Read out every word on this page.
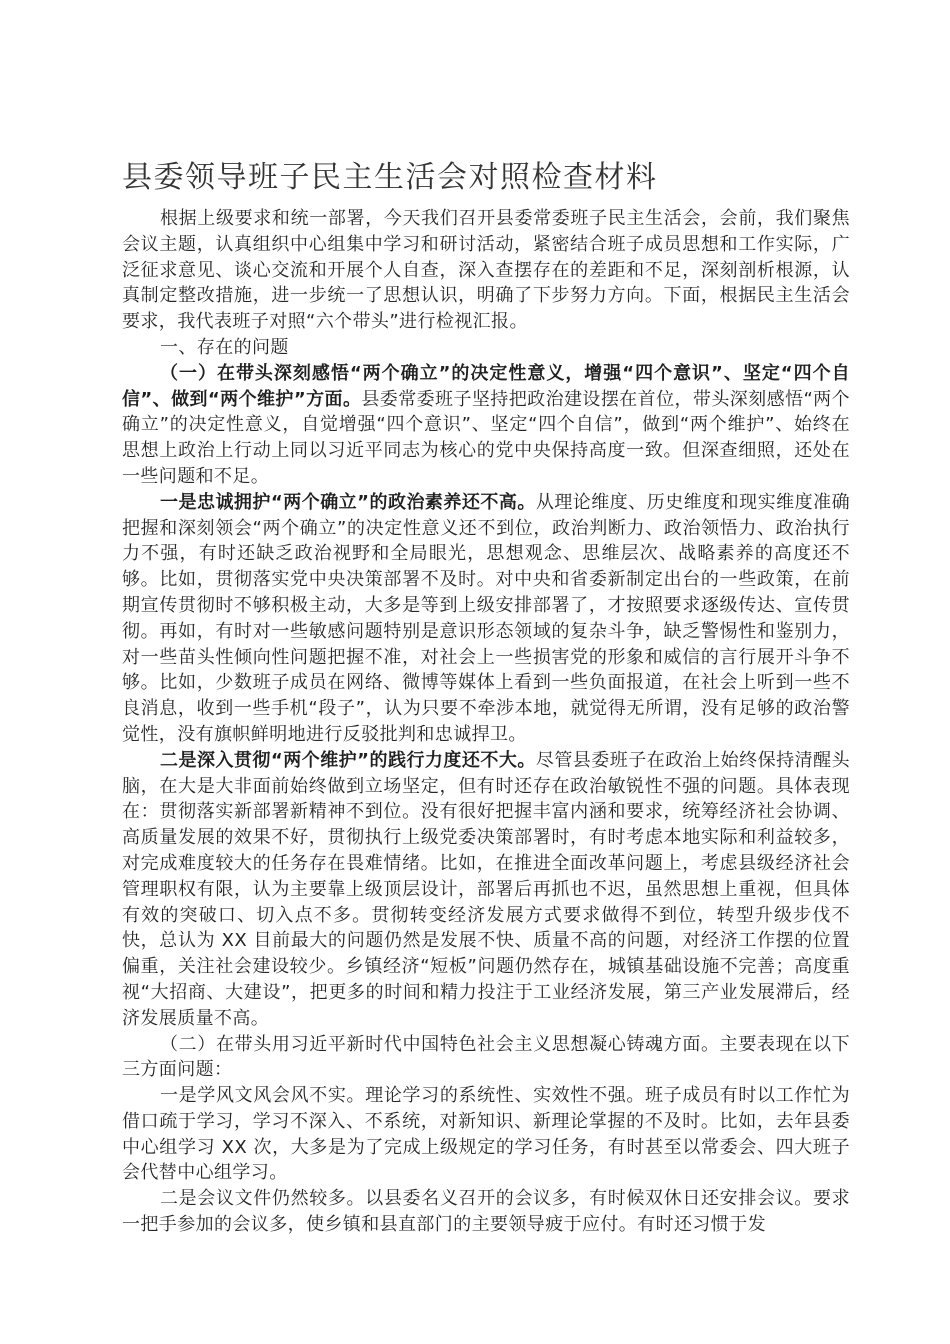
县委领导班子民主生活会对照检查材料

根据上级要求和统一部署，今天我们召开县委常委班子民主生活会，会前，我们聚焦会议主题，认真组织中心组集中学习和研讨活动，紧密结合班子成员思想和工作实际，广泛征求意见、谈心交流和开展个人自查，深入查摆存在的差距和不足，深刻剖析根源，认真制定整改措施，进一步统一了思想认识，明确了下步努力方向。下面，根据民主生活会要求，我代表班子对照“六个带头”进行检视汇报。

一、存在的问题

（一）在带头深刻感悟“两个确立”的决定性意义，增强“四个意识”、坚定“四个自信”、做到“两个维护”方面。县委常委班子坚持把政治建设摆在首位，带头深刻感悟“两个确立”的决定性意义，自觉增强“四个意识”、坚定“四个自信”，做到“两个维护”、始终在思想上政治上行动上同以习近平同志为核心的党中央保持高度一致。但深查细照，还处在一些问题和不足。

一是忠诚拥护“两个确立”的政治素养还不高。从理论维度、历史维度和现实维度准确把握和深刻领会“两个确立”的决定性意义还不到位，政治判断力、政治领悟力、政治执行力不强，有时还缺乏政治视野和全局眼光，思想观念、思维层次、战略素养的高度还不够。比如，贯彻落实党中央决策部署不及时。对中央和省委新制定出台的一些政策，在前期宣传贯彻时不够积极主动，大多是等到上级安排部署了，才按照要求逐级传达、宣传贯彻。再如，有时对一些敏感问题特别是意识形态领域的复杂斗争，缺乏警惕性和鉴别力，对一些苗头性倾向性问题把握不准，对社会上一些损害党的形象和威信的言行展开斗争不够。比如，少数班子成员在网络、微博等媒体上看到一些负面报道，在社会上听到一些不良消息，收到一些手机“段子”，认为只要不牵涉本地，就觉得无所谓，没有足够的政治警觉性，没有旗帜鲜明地进行反驳批判和忠诚捍卫。

二是深入贯彻“两个维护”的践行力度还不大。尽管县委班子在政治上始终保持清醒头脑，在大是大非面前始终做到立场坚定，但有时还存在政治敏锐性不强的问题。具体表现在：贯彻落实新部署新精神不到位。没有很好把握丰富内涵和要求，统筹经济社会协调、高质量发展的效果不好，贯彻执行上级党委决策部署时，有时考虑本地实际和利益较多，对完成难度较大的任务存在畏难情绪。比如，在推进全面改革问题上，考虑县级经济社会管理职权有限，认为主要靠上级顶层设计，部署后再抓也不迟，虽然思想上重视，但具体有效的突破口、切入点不多。贯彻转变经济发展方式要求做得不到位，转型升级步伐不快，总认为 XX 目前最大的问题仍然是发展不快、质量不高的问题，对经济工作摆的位置偏重，关注社会建设较少。乡镇经济“短板”问题仍然存在，城镇基础设施不完善；高度重视“大招商、大建设”，把更多的时间和精力投注于工业经济发展，第三产业发展滞后，经济发展质量不高。

（二）在带头用习近平新时代中国特色社会主义思想凝心铸魂方面。主要表现在以下三方面问题：

一是学风文风会风不实。理论学习的系统性、实效性不强。班子成员有时以工作忙为借口疏于学习，学习不深入、不系统，对新知识、新理论掌握的不及时。比如，去年县委中心组学习 XX 次，大多是为了完成上级规定的学习任务，有时甚至以常委会、四大班子会代替中心组学习。

二是会议文件仍然较多。以县委名义召开的会议多，有时候双休日还安排会议。要求一把手参加的会议多，使乡镇和县直部门的主要领导疲于应付。有时还习惯于发
